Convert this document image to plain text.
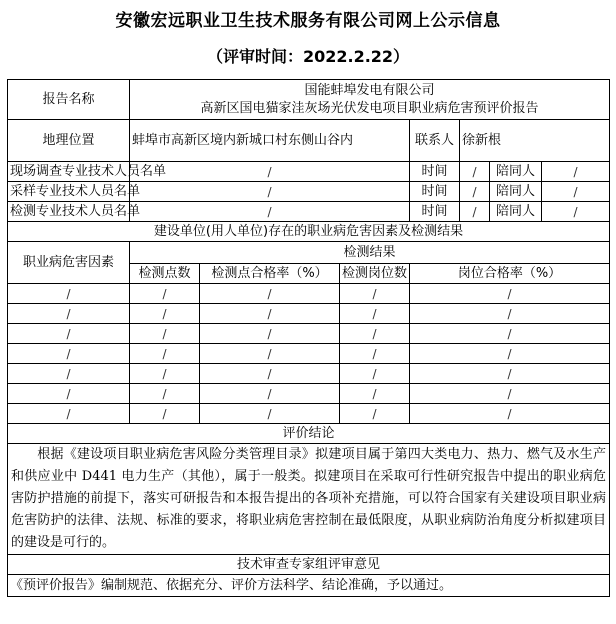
安徽宏远职业卫生技术服务有限公司网上公示信息
（评审时间：2022.2.22）
报告名称	国能蚌埠发电有限公司
高新区国电猫家洼灰场光伏发电项目职业病危害预评价报告						

地理位置	蚌埠市高新区境内新城口村东侧山谷内			联系人	徐新根		
现场调查专业技术人员名单	/			时间	/	陪同人	/
采样专业技术人员名单	/			时间	/	陪同人	/
检测专业技术人员名单	/			时间	/	陪同人	/
建设单位(用人单位)存在的职业病危害因素及检测结果							
职业病危害因素	检测结果						
	检测点数	检测点合格率（%）	检测岗位数	岗位合格率（%）			
/	/	/	/	/			
/	/	/	/	/			
/	/	/	/	/			
/	/	/	/	/			
/	/	/	/	/			
/	/	/	/	/			
/	/	/	/	/			
评价结论							
根据《建设项目职业病危害风险分类管理目录》拟建项目属于第四大类电力、热力、燃气及水生产和供应业中 D441 电力生产（其他），属于一般类。拟建项目在采取可行性研究报告中提出的职业病危害防护措施的前提下，落实可研报告和本报告提出的各项补充措施，可以符合国家有关建设项目职业病危害防护的法律、法规、标准的要求，将职业病危害控制在最低限度，从职业病防治角度分析拟建项目的建设是可行的。							
技术审查专家组评审意见							
《预评价报告》编制规范、依据充分、评价方法科学、结论准确，予以通过。							
